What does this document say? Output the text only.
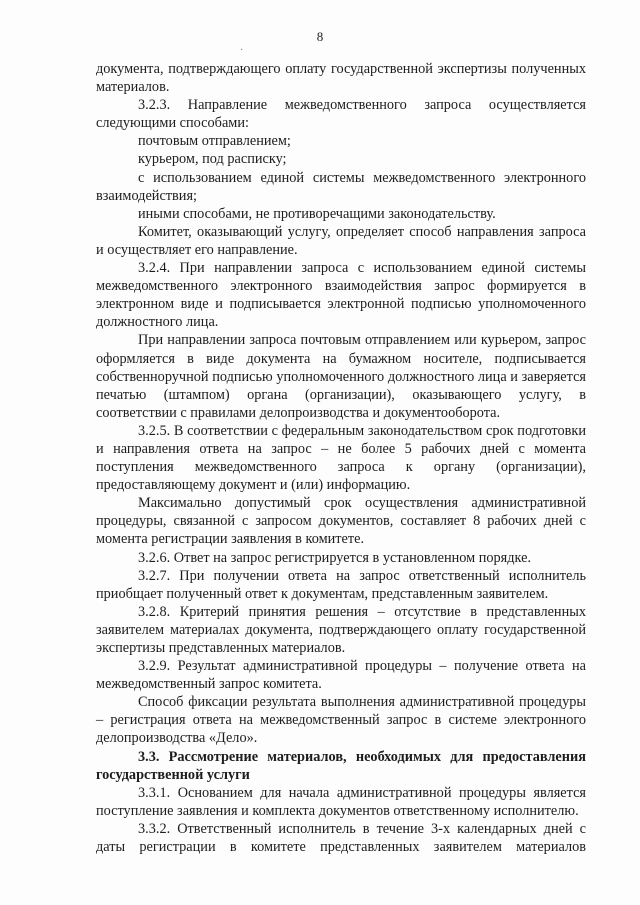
8
·

документа, подтверждающего оплату государственной экспертизы полученных материалов.

3.2.3. Направление межведомственного запроса осуществляется следующими способами:

почтовым отправлением;

курьером, под расписку;

с использованием единой системы межведомственного электронного взаимодействия;

иными способами, не противоречащими законодательству.

Комитет, оказывающий услугу, определяет способ направления запроса и осуществляет его направление.

3.2.4. При направлении запроса с использованием единой системы межведомственного электронного взаимодействия запрос формируется в электронном виде и подписывается электронной подписью уполномоченного должностного лица.

При направлении запроса почтовым отправлением или курьером, запрос оформляется в виде документа на бумажном носителе, подписывается собственноручной подписью уполномоченного должностного лица и заверяется печатью (штампом) органа (организации), оказывающего услугу, в соответствии с правилами делопроизводства и документооборота.

3.2.5. В соответствии с федеральным законодательством срок подготовки и направления ответа на запрос – не более 5 рабочих дней с момента поступления межведомственного запроса к органу (организации), предоставляющему документ и (или) информацию.

Максимально допустимый срок осуществления административной процедуры, связанной с запросом документов, составляет 8 рабочих дней с момента регистрации заявления в комитете.

3.2.6. Ответ на запрос регистрируется в установленном порядке.

3.2.7. При получении ответа на запрос ответственный исполнитель приобщает полученный ответ к документам, представленным заявителем.

3.2.8. Критерий принятия решения – отсутствие в представленных заявителем материалах документа, подтверждающего оплату государственной экспертизы представленных материалов.

3.2.9. Результат административной процедуры – получение ответа на межведомственный запрос комитета.

Способ фиксации результата выполнения административной процедуры – регистрация ответа на межведомственный запрос в системе электронного делопроизводства «Дело».

3.3. Рассмотрение материалов, необходимых для предоставления государственной услуги

3.3.1. Основанием для начала административной процедуры является поступление заявления и комплекта документов ответственному исполнителю.

3.3.2. Ответственный исполнитель в течение 3-х календарных дней с даты регистрации в комитете представленных заявителем материалов
